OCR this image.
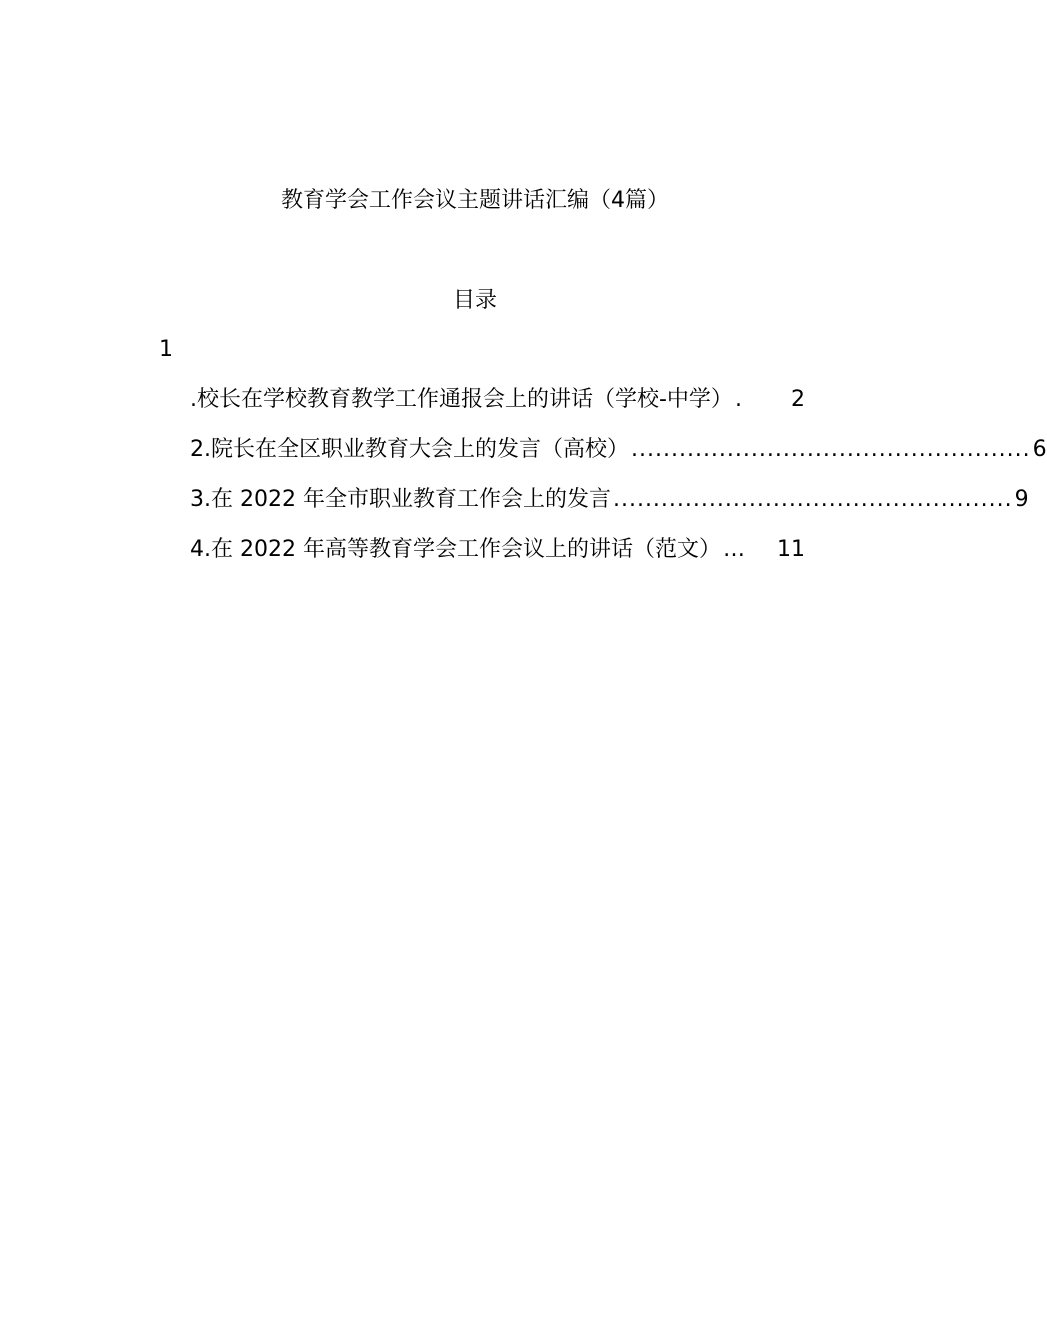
教育学会工作会议主题讲话汇编（4篇）
目录
1
.校长在学校教育教学工作通报会上的讲话（学校-中学） .	2
2.院长在全区职业教育大会上的发言（高校） .................................................. 6
3.在 2022 年全市职业教育工作会上的发言 .................................................. 9
4.在 2022 年高等教育学会工作会议上的讲话（范文） …	11
